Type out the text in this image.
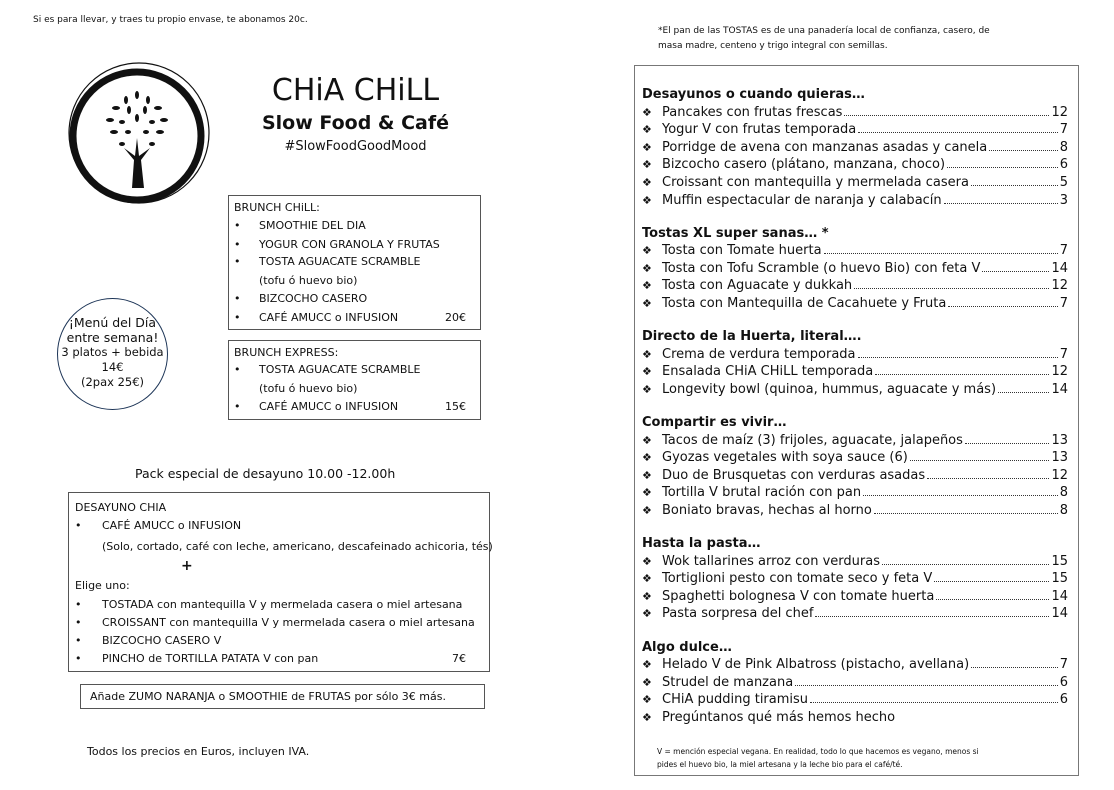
Si es para llevar, y traes tu propio envase, te abonamos 20c.
CHiA CHiLL
Slow Food & Café
#SlowFoodGoodMood
BRUNCH CHiLL:
• SMOOTHIE DEL DIA
• YOGUR CON GRANOLA Y FRUTAS
• TOSTA AGUACATE SCRAMBLE
(tofu ó huevo bio)
• BIZCOCHO CASERO
• CAFÉ AMUCC o INFUSION	20€
BRUNCH EXPRESS:
• TOSTA AGUACATE SCRAMBLE
(tofu ó huevo bio)
• CAFÉ AMUCC o INFUSION	15€
¡Menú del Día
entre semana!
3 platos + bebida
14€
(2pax 25€)
Pack especial de desayuno 10.00 -12.00h
DESAYUNO CHIA
• CAFÉ AMUCC o INFUSION
(Solo, cortado, café con leche, americano, descafeinado achicoria, tés)
+
Elige uno:
• TOSTADA con mantequilla V y mermelada casera o miel artesana
• CROISSANT con mantequilla V y mermelada casera o miel artesana
• BIZCOCHO CASERO V
• PINCHO de TORTILLA PATATA V con pan	7€
Añade ZUMO NARANJA o SMOOTHIE de FRUTAS por sólo 3€ más.
Todos los precios en Euros, incluyen IVA.
*El pan de las TOSTAS es de una panadería local de confianza, casero, de
masa madre, centeno y trigo integral con semillas.
Desayunos o cuando quieras…
❖ Pancakes con frutas frescas	12
❖ Yogur V con frutas temporada	7
❖ Porridge de avena con manzanas asadas y canela	8
❖ Bizcocho casero (plátano, manzana, choco)	6
❖ Croissant con mantequilla y mermelada casera	5
❖ Muffin espectacular de naranja y calabacín	3
Tostas XL super sanas… *
❖ Tosta con Tomate huerta	7
❖ Tosta con Tofu Scramble (o huevo Bio) con feta V	14
❖ Tosta con Aguacate y dukkah	12
❖ Tosta con Mantequilla de Cacahuete y Fruta	7
Directo de la Huerta, literal….
❖ Crema de verdura temporada	7
❖ Ensalada CHiA CHiLL temporada	12
❖ Longevity bowl (quinoa, hummus, aguacate y más)	14
Compartir es vivir…
❖ Tacos de maíz (3) frijoles, aguacate, jalapeños	13
❖ Gyozas vegetales with soya sauce (6)	13
❖ Duo de Brusquetas con verduras asadas	12
❖ Tortilla V brutal ración con pan	8
❖ Boniato bravas, hechas al horno	8
Hasta la pasta…
❖ Wok tallarines arroz con verduras	15
❖ Tortiglioni pesto con tomate seco y feta V	15
❖ Spaghetti bolognesa V con tomate huerta	14
❖ Pasta sorpresa del chef	14
Algo dulce…
❖ Helado V de Pink Albatross (pistacho, avellana)	7
❖ Strudel de manzana	6
❖ CHiA pudding tiramisu	6
❖ Pregúntanos qué más hemos hecho
V = mención especial vegana. En realidad, todo lo que hacemos es vegano, menos si
pides el huevo bio, la miel artesana y la leche bio para el café/té.
